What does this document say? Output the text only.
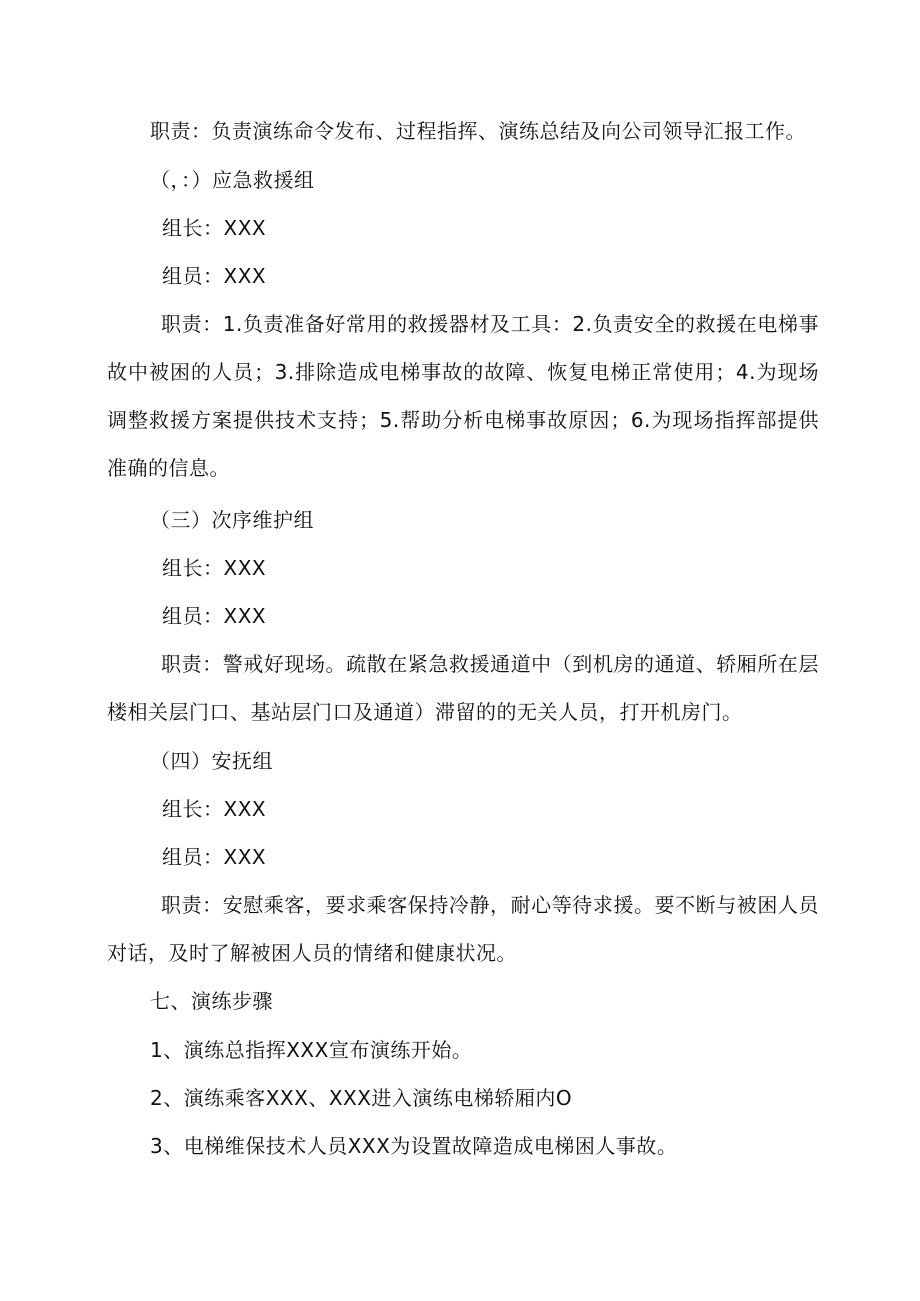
职责：负责演练命令发布、过程指挥、演练总结及向公司领导汇报工作。
（，：）应急救援组
组长：XXX
组员：XXX
职责：1.负责准备好常用的救援器材及工具：2.负责安全的救援在电梯事故中被困的人员；3.排除造成电梯事故的故障、恢复电梯正常使用；4.为现场调整救援方案提供技术支持；5.帮助分析电梯事故原因；6.为现场指挥部提供准确的信息。
（三）次序维护组
组长：XXX
组员：XXX
职责：警戒好现场。疏散在紧急救援通道中（到机房的通道、轿厢所在层楼相关层门口、基站层门口及通道）滞留的的无关人员，打开机房门。
（四）安抚组
组长：XXX
组员：XXX
职责：安慰乘客，要求乘客保持冷静，耐心等待求援。要不断与被困人员对话，及时了解被困人员的情绪和健康状况。
七、演练步骤
1、演练总指挥XXX宣布演练开始。
2、演练乘客XXX、XXX进入演练电梯轿厢内O
3、电梯维保技术人员XXX为设置故障造成电梯困人事故。
